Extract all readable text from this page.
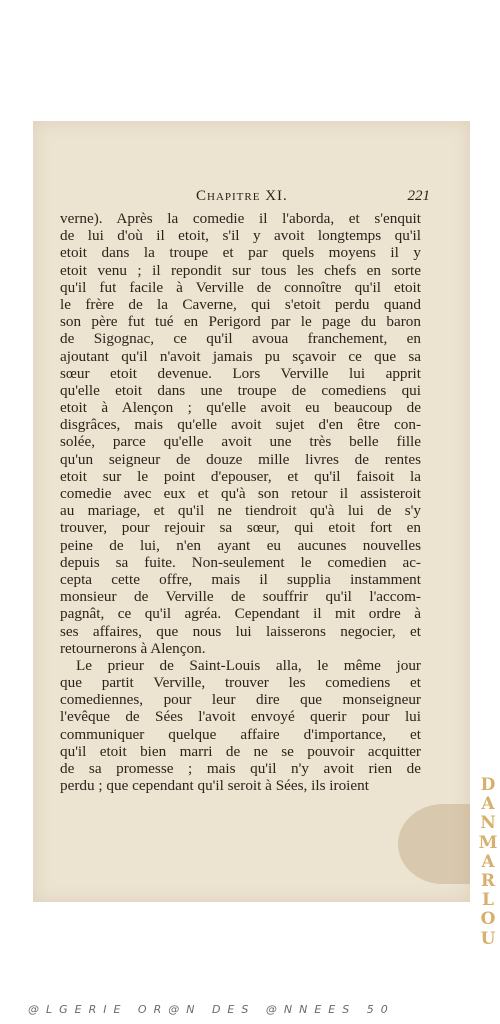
Chapitre XI.	221
verne). Après la comedie il l'aborda, et s'enquit
de lui d'où il etoit, s'il y avoit longtemps qu'il
etoit dans la troupe et par quels moyens il y
etoit venu ; il repondit sur tous les chefs en sorte
qu'il fut facile à Verville de connoître qu'il etoit
le frère de la Caverne, qui s'etoit perdu quand
son père fut tué en Perigord par le page du baron
de Sigognac, ce qu'il avoua franchement, en
ajoutant qu'il n'avoit jamais pu sçavoir ce que sa
sœur etoit devenue. Lors Verville lui apprit
qu'elle etoit dans une troupe de comediens qui
etoit à Alençon ; qu'elle avoit eu beaucoup de
disgrâces, mais qu'elle avoit sujet d'en être con-
solée, parce qu'elle avoit une très belle fille
qu'un seigneur de douze mille livres de rentes
etoit sur le point d'epouser, et qu'il faisoit la
comedie avec eux et qu'à son retour il assisteroit
au mariage, et qu'il ne tiendroit qu'à lui de s'y
trouver, pour rejouir sa sœur, qui etoit fort en
peine de lui, n'en ayant eu aucunes nouvelles
depuis sa fuite. Non-seulement le comedien ac-
cepta cette offre, mais il supplia instamment
monsieur de Verville de souffrir qu'il l'accom-
pagnât, ce qu'il agréa. Cependant il mit ordre à
ses affaires, que nous lui laisserons negocier, et
retournerons à Alençon.
Le prieur de Saint-Louis alla, le même jour
que partit Verville, trouver les comediens et
comediennes, pour leur dire que monseigneur
l'evêque de Sées l'avoit envoyé querir pour lui
communiquer quelque affaire d'importance, et
qu'il etoit bien marri de ne se pouvoir acquitter
de sa promesse ; mais qu'il n'y avoit rien de
perdu ; que cependant qu'il seroit à Sées, ils iroient	DANMARLOU
@LGERIE OR@N DES @NNEES 50
